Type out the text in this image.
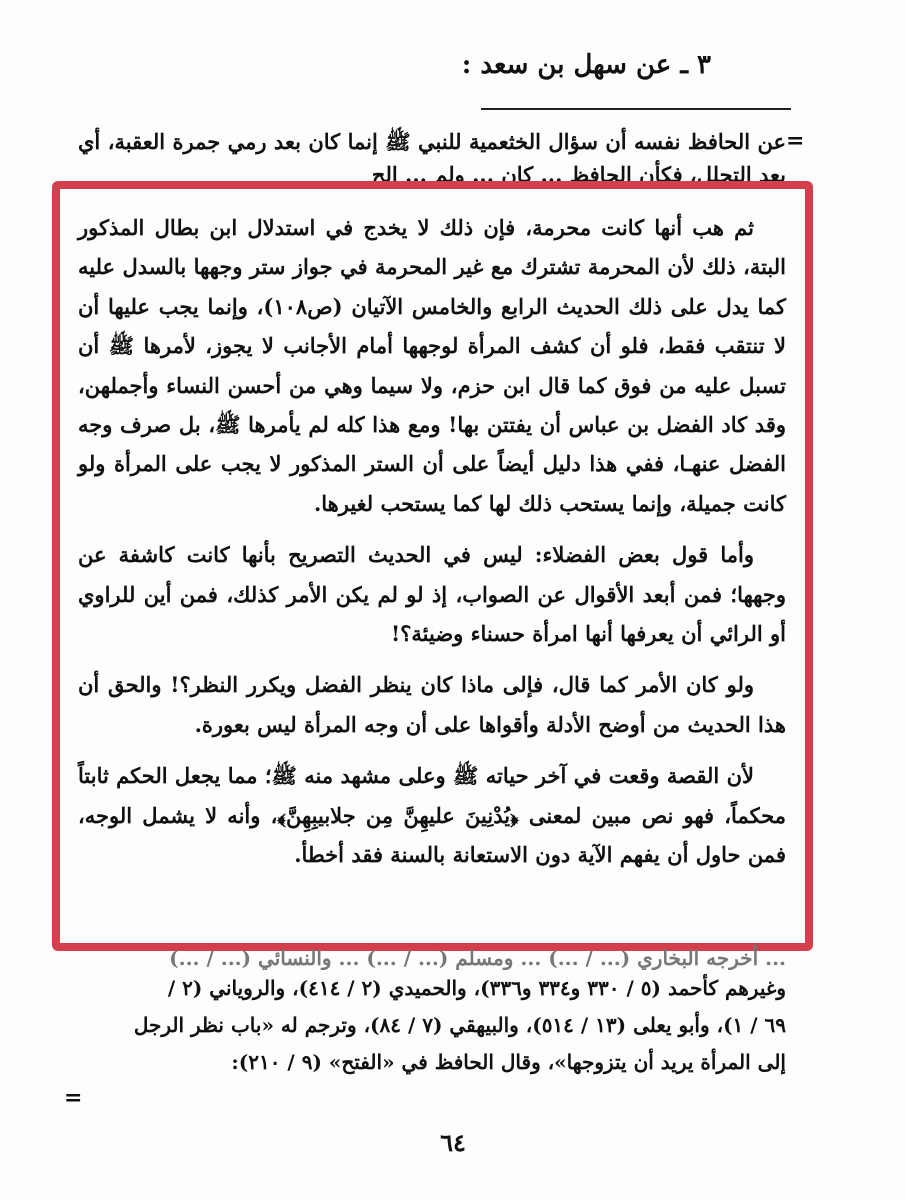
٣ ـ عن سهل بن سعد :
=
عن الحافظ نفسه أن سؤال الخثعمية للنبي ﷺ إنما كان بعد رمي جمرة العقبة، أي بعد التحلل، فكأن الحافظ ... كان ... ولم ... الح

ثم هب أنها كانت محرمة، فإن ذلك لا يخدج في استدلال ابن بطال المذكور البتة، ذلك لأن المحرمة تشترك مع غير المحرمة في جواز ستر وجهها بالسدل عليه كما يدل على ذلك الحديث الرابع والخامس الآتيان (ص١٠٨)، وإنما يجب عليها أن لا تنتقب فقط، فلو أن كشف المرأة لوجهها أمام الأجانب لا يجوز، لأمرها ﷺ أن تسبل عليه من فوق كما قال ابن حزم، ولا سيما وهي من أحسن النساء وأجملهن، وقد كاد الفضل بن عباس أن يفتتن بها! ومع هذا كله لم يأمرها ﷺ، بل صرف وجه الفضل عنهـا، ففي هذا دليل أيضاً على أن الستر المذكور لا يجب على المرأة ولو كانت جميلة، وإنما يستحب ذلك لها كما يستحب لغيرها.

وأما قول بعض الفضلاء: ليس في الحديث التصريح بأنها كانت كاشفة عن وجهها؛ فمن أبعد الأقوال عن الصواب، إذ لو لم يكن الأمر كذلك، فمن أين للراوي أو الرائي أن يعرفها أنها امرأة حسناء وضيئة؟!

ولو كان الأمر كما قال، فإلى ماذا كان ينظر الفضل ويكرر النظر؟! والحق أن هذا الحديث من أوضح الأدلة وأقواها على أن وجه المرأة ليس بعورة.

لأن القصة وقعت في آخر حياته ﷺ وعلى مشهد منه ﷺ؛ مما يجعل الحكم ثابتاً محكماً، فهو نص مبين لمعنى ﴿يُدْنِينَ عليهِنَّ مِن جلابيبِهِنَّ﴾، وأنه لا يشمل الوجه، فمن حاول أن يفهم الآية دون الاستعانة بالسنة فقد أخطأ.

... أخرجه البخاري (... / ...) ... ومسلم (... / ...) ... والنسائي (... / ...)
وغيرهم كأحمد (٥ / ٣٣٠ و٣٣٤ و٣٣٦)، والحميدي (٢ / ٤١٤)، والروياني (٢ /
٦٩ / ١)، وأبو يعلى (١٣ / ٥١٤)، والبيهقي (٧ / ٨٤)، وترجم له «باب نظر الرجل
إلى المرأة يريد أن يتزوجها»، وقال الحافظ في «الفتح» (٩ / ٢١٠):
=
٦٤
